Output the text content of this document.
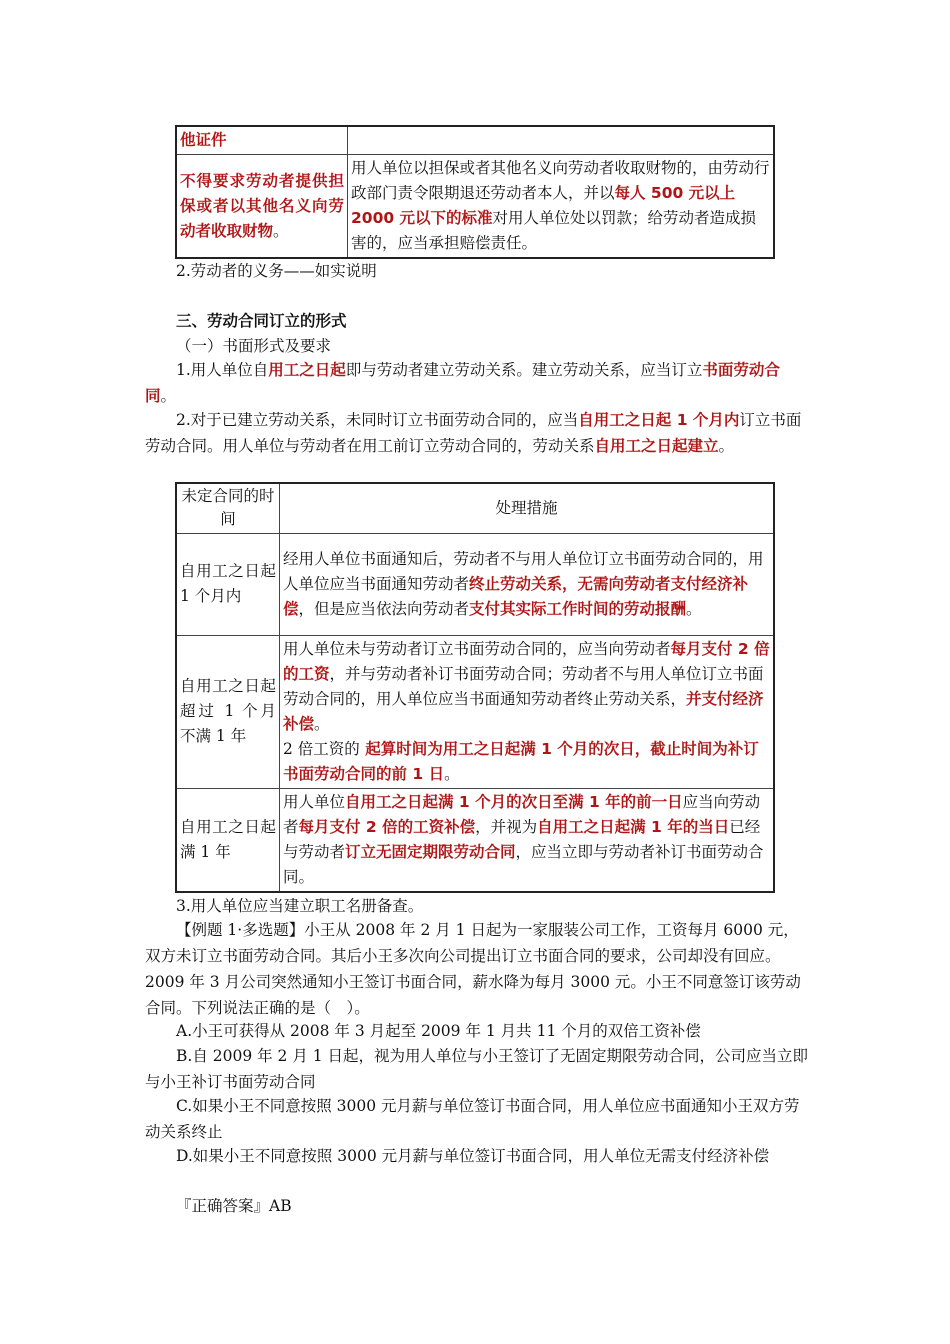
他证件	
不得要求劳动者提供担保或者以其他名义向劳动者收取财物。	用人单位以担保或者其他名义向劳动者收取财物的，由劳动行政部门责令限期退还劳动者本人，并以每人 500 元以上 2000 元以下的标准对用人单位处以罚款；给劳动者造成损害的，应当承担赔偿责任。

2.劳动者的义务——如实说明

三、劳动合同订立的形式

（一）书面形式及要求

1.用人单位自用工之日起即与劳动者建立劳动关系。建立劳动关系，应当订立书面劳动合同。

2.对于已建立劳动关系，未同时订立书面劳动合同的，应当自用工之日起 1 个月内订立书面劳动合同。用人单位与劳动者在用工前订立劳动合同的，劳动关系自用工之日起建立。

未定合同的时间	处理措施
自用工之日起 1 个月内	经用人单位书面通知后，劳动者不与用人单位订立书面劳动合同的，用人单位应当书面通知劳动者终止劳动关系，无需向劳动者支付经济补偿，但是应当依法向劳动者支付其实际工作时间的劳动报酬。
自用工之日起超过 1 个月不满 1 年	用人单位未与劳动者订立书面劳动合同的，应当向劳动者每月支付 2 倍的工资，并与劳动者补订书面劳动合同；劳动者不与用人单位订立书面劳动合同的，用人单位应当书面通知劳动者终止劳动关系，并支付经济补偿。
2 倍工资的 起算时间为用工之日起满 1 个月的次日，截止时间为补订书面劳动合同的前 1 日。
自用工之日起满 1 年	用人单位自用工之日起满 1 个月的次日至满 1 年的前一日应当向劳动者每月支付 2 倍的工资补偿，并视为自用工之日起满 1 年的当日已经与劳动者订立无固定期限劳动合同，应当立即与劳动者补订书面劳动合同。

3.用人单位应当建立职工名册备查。

【例题 1·多选题】小王从 2008 年 2 月 1 日起为一家服装公司工作，工资每月 6000 元，双方未订立书面劳动合同。其后小王多次向公司提出订立书面合同的要求，公司却没有回应。2009 年 3 月公司突然通知小王签订书面合同，薪水降为每月 3000 元。小王不同意签订该劳动合同。下列说法正确的是（　）。

A.小王可获得从 2008 年 3 月起至 2009 年 1 月共 11 个月的双倍工资补偿

B.自 2009 年 2 月 1 日起，视为用人单位与小王签订了无固定期限劳动合同，公司应当立即与小王补订书面劳动合同

C.如果小王不同意按照 3000 元月薪与单位签订书面合同，用人单位应书面通知小王双方劳动关系终止

D.如果小王不同意按照 3000 元月薪与单位签订书面合同，用人单位无需支付经济补偿

『正确答案』AB
